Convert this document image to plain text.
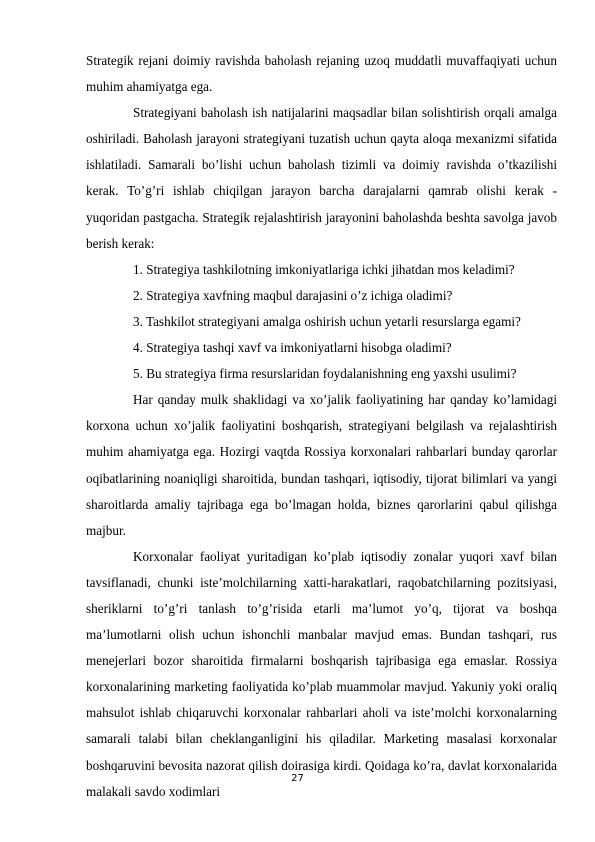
Strategik rejani doimiy ravishda baholash rejaning uzoq muddatli muvaffaqiyati uchun muhim ahamiyatga ega.

Strategiyani baholash ish natijalarini maqsadlar bilan solishtirish orqali amalga oshiriladi. Baholash jarayoni strategiyani tuzatish uchun qayta aloqa mexanizmi sifatida ishlatiladi. Samarali bo’lishi uchun baholash tizimli va doimiy ravishda o’tkazilishi kerak. To’g’ri ishlab chiqilgan jarayon barcha darajalarni qamrab olishi kerak - yuqoridan pastgacha. Strategik rejalashtirish jarayonini baholashda beshta savolga javob berish kerak:

1. Strategiya tashkilotning imkoniyatlariga ichki jihatdan mos keladimi?

2. Strategiya xavfning maqbul darajasini o’z ichiga oladimi?

3. Tashkilot strategiyani amalga oshirish uchun yetarli resurslarga egami?

4. Strategiya tashqi xavf va imkoniyatlarni hisobga oladimi?

5. Bu strategiya firma resurslaridan foydalanishning eng yaxshi usulimi?

Har qanday mulk shaklidagi va xo’jalik faoliyatining har qanday ko’lamidagi korxona uchun xo’jalik faoliyatini boshqarish, strategiyani belgilash va rejalashtirish muhim ahamiyatga ega. Hozirgi vaqtda Rossiya korxonalari rahbarlari bunday qarorlar oqibatlarining noaniqligi sharoitida, bundan tashqari, iqtisodiy, tijorat bilimlari va yangi sharoitlarda amaliy tajribaga ega bo’lmagan holda, biznes qarorlarini qabul qilishga majbur.

Korxonalar faoliyat yuritadigan ko’plab iqtisodiy zonalar yuqori xavf bilan tavsiflanadi, chunki iste’molchilarning xatti-harakatlari, raqobatchilarning pozitsiyasi, sheriklarni to’g’ri tanlash to’g’risida etarli ma’lumot yo’q, tijorat va boshqa ma’lumotlarni olish uchun ishonchli manbalar mavjud emas. Bundan tashqari, rus menejerlari bozor sharoitida firmalarni boshqarish tajribasiga ega emaslar. Rossiya korxonalarining marketing faoliyatida ko’plab muammolar mavjud. Yakuniy yoki oraliq mahsulot ishlab chiqaruvchi korxonalar rahbarlari aholi va iste’molchi korxonalarning samarali talabi bilan cheklanganligini his qiladilar. Marketing masalasi korxonalar boshqaruvini bevosita nazorat qilish doirasiga kirdi. Qoidaga ko’ra, davlat korxonalarida malakali savdo xodimlari

27
